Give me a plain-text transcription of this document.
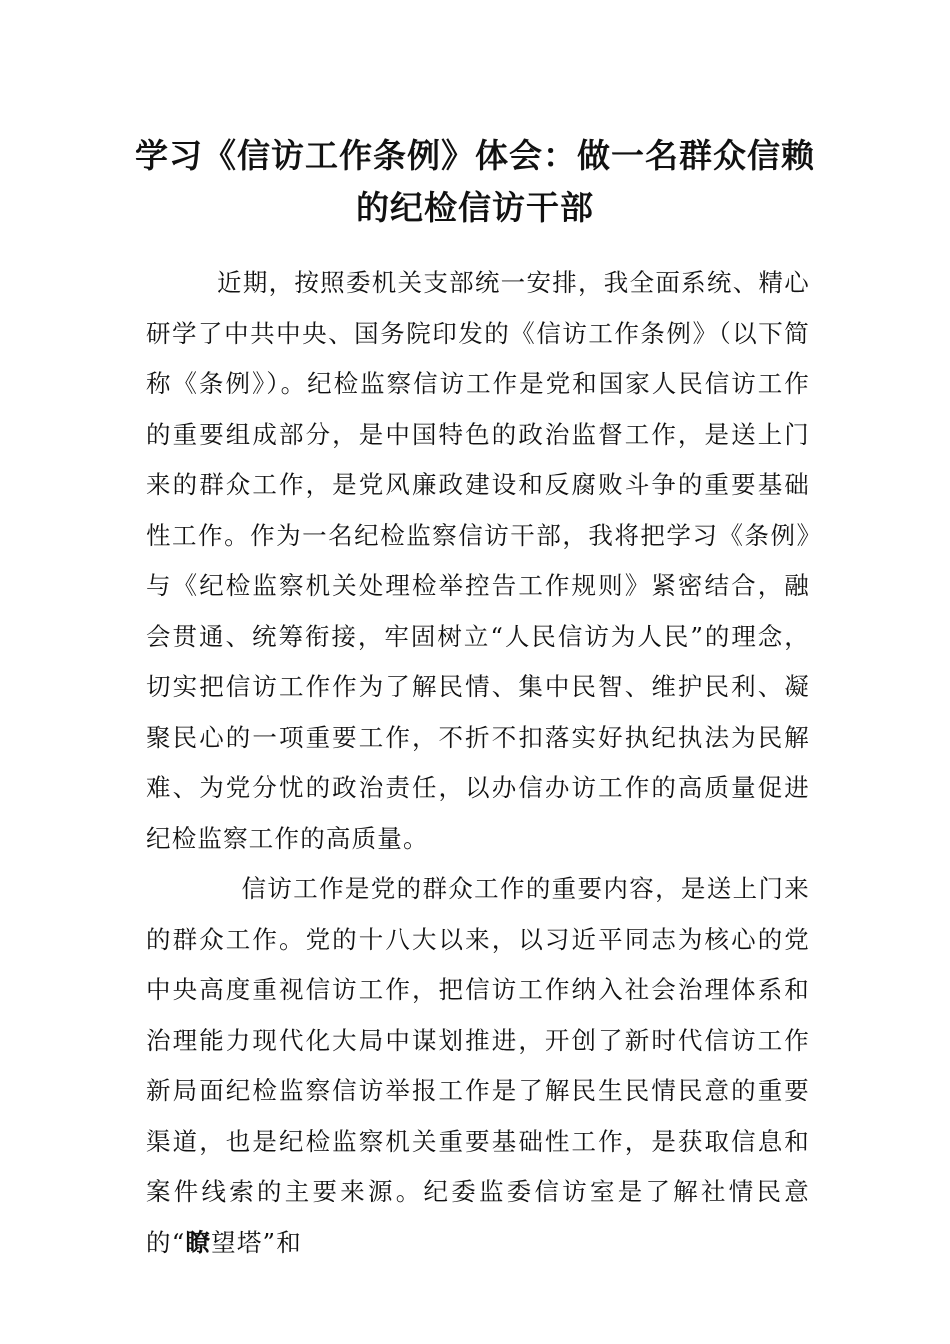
学习《信访工作条例》体会：做一名群众信赖
的纪检信访干部

近期，按照委机关支部统一安排，我全面系统、精心研学了中共中央、国务院印发的《信访工作条例》（以下简称《条例》）。纪检监察信访工作是党和国家人民信访工作的重要组成部分，是中国特色的政治监督工作，是送上门来的群众工作，是党风廉政建设和反腐败斗争的重要基础性工作。作为一名纪检监察信访干部，我将把学习《条例》与《纪检监察机关处理检举控告工作规则》紧密结合，融会贯通、统筹衔接，牢固树立“人民信访为人民”的理念，切实把信访工作作为了解民情、集中民智、维护民利、凝聚民心的一项重要工作，不折不扣落实好执纪执法为民解难、为党分忧的政治责任，以办信办访工作的高质量促进纪检监察工作的高质量。

信访工作是党的群众工作的重要内容，是送上门来的群众工作。党的十八大以来，以习近平同志为核心的党中央高度重视信访工作，把信访工作纳入社会治理体系和治理能力现代化大局中谋划推进，开创了新时代信访工作新局面纪检监察信访举报工作是了解民生民情民意的重要渠道，也是纪检监察机关重要基础性工作，是获取信息和案件线索的主要来源。纪委监委信访室是了解社情民意的“瞭望塔”和
